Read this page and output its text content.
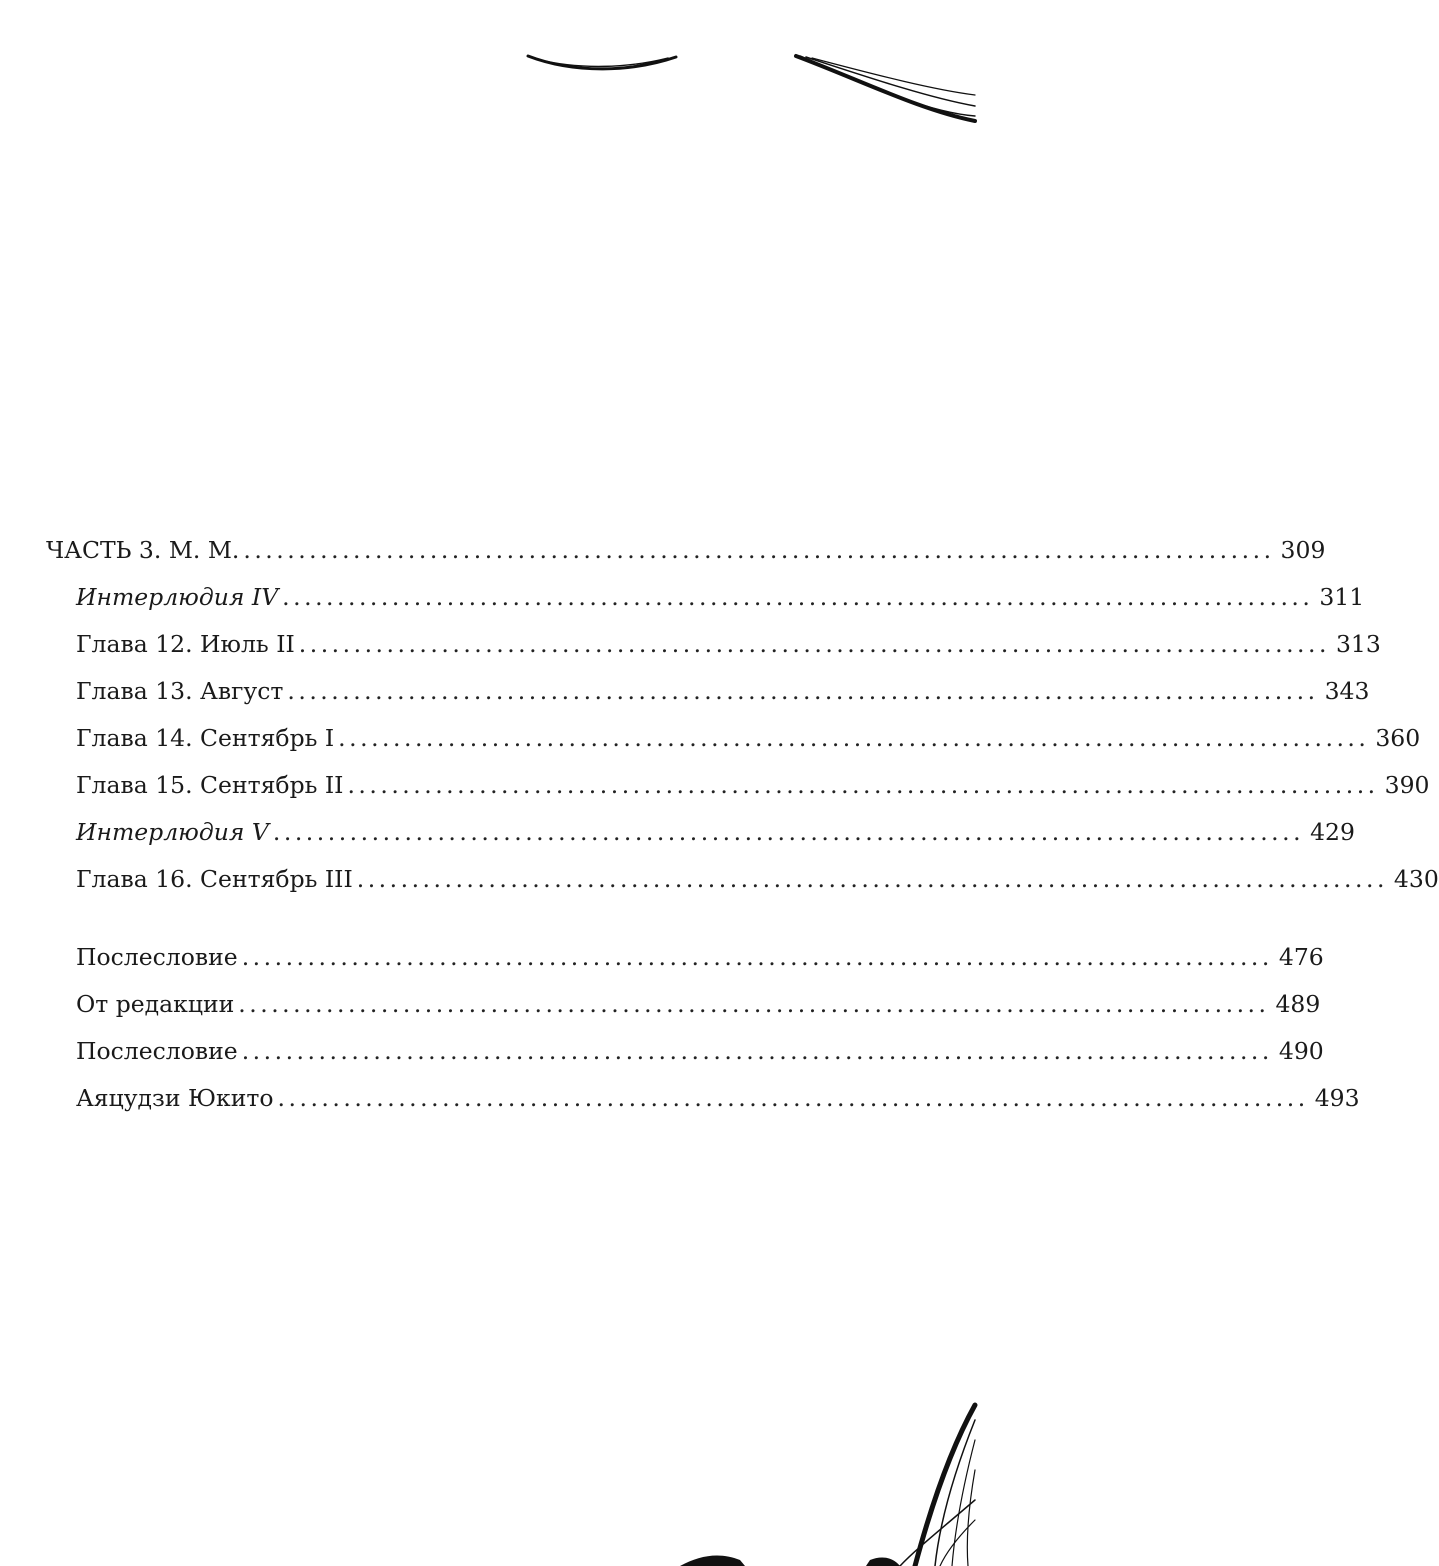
ЧАСТЬ 3. М. М. .............................................................................................. 309
Интерлюдия IV .............................................................................................. 311
Глава 12. Июль II .............................................................................................. 313
Глава 13. Август .............................................................................................. 343
Глава 14. Сентябрь I .............................................................................................. 360
Глава 15. Сентябрь II .............................................................................................. 390
Интерлюдия V .............................................................................................. 429
Глава 16. Сентябрь III .............................................................................................. 430
Послесловие .............................................................................................. 476
От редакции .............................................................................................. 489
Послесловие .............................................................................................. 490
Аяцудзи Юкито .............................................................................................. 493
